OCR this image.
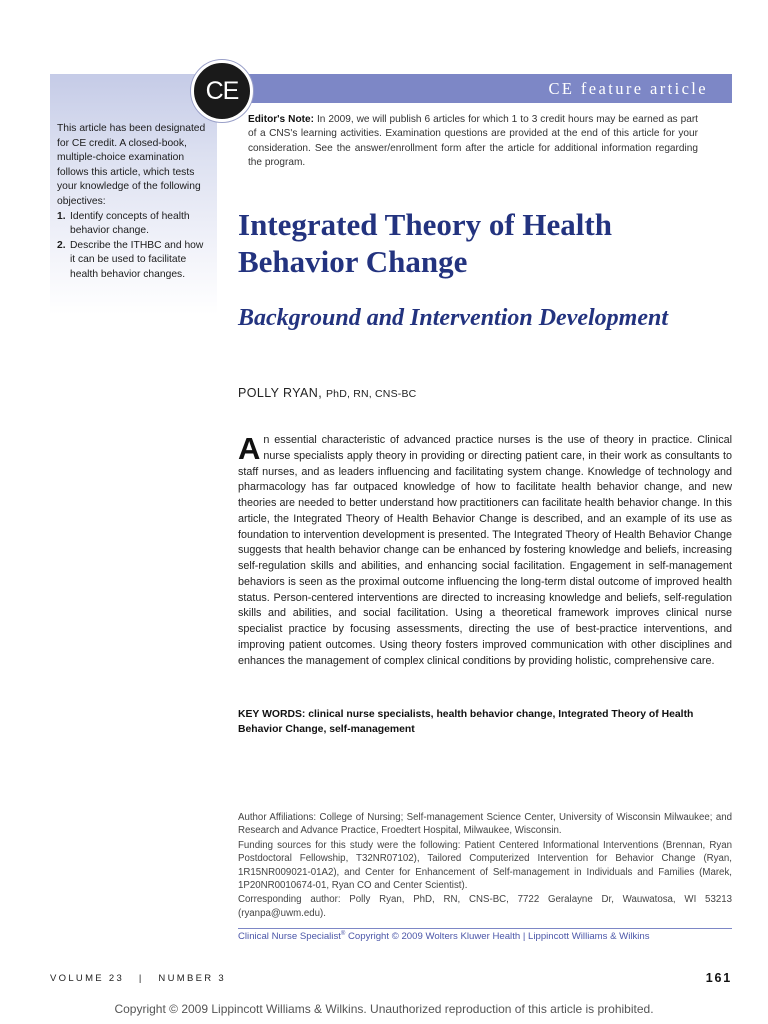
This article has been designated for CE credit. A closed-book, multiple-choice examination follows this article, which tests your knowledge of the following objectives:

1. Identify concepts of health behavior change.
2. Describe the ITHBC and how it can be used to facilitate health behavior changes.
CE feature article
CE
Editor's Note: In 2009, we will publish 6 articles for which 1 to 3 credit hours may be earned as part of a CNS's learning activities. Examination questions are provided at the end of this article for your consideration. See the answer/enrollment form after the article for additional information regarding the program.
Integrated Theory of Health Behavior Change
Background and Intervention Development
POLLY RYAN, PhD, RN, CNS-BC
An essential characteristic of advanced practice nurses is the use of theory in practice. Clinical nurse specialists apply theory in providing or directing patient care, in their work as consultants to staff nurses, and as leaders influencing and facilitating system change. Knowledge of technology and pharmacology has far outpaced knowledge of how to facilitate health behavior change, and new theories are needed to better understand how practitioners can facilitate health behavior change. In this article, the Integrated Theory of Health Behavior Change is described, and an example of its use as foundation to intervention development is presented. The Integrated Theory of Health Behavior Change suggests that health behavior change can be enhanced by fostering knowledge and beliefs, increasing self-regulation skills and abilities, and enhancing social facilitation. Engagement in self-management behaviors is seen as the proximal outcome influencing the long-term distal outcome of improved health status. Person-centered interventions are directed to increasing knowledge and beliefs, self-regulation skills and abilities, and social facilitation. Using a theoretical framework improves clinical nurse specialist practice by focusing assessments, directing the use of best-practice interventions, and improving patient outcomes. Using theory fosters improved communication with other disciplines and enhances the management of complex clinical conditions by providing holistic, comprehensive care.

KEY WORDS: clinical nurse specialists, health behavior change, Integrated Theory of Health Behavior Change, self-management

Author Affiliations: College of Nursing; Self-management Science Center, University of Wisconsin Milwaukee; and Research and Advance Practice, Froedtert Hospital, Milwaukee, Wisconsin.

Funding sources for this study were the following: Patient Centered Informational Interventions (Brennan, Ryan Postdoctoral Fellowship, T32NR07102), Tailored Computerized Intervention for Behavior Change (Ryan, 1R15NR009021-01A2), and Center for Enhancement of Self-management in Individuals and Families (Marek, 1P20NR0010674-01, Ryan CO and Center Scientist).

Corresponding author: Polly Ryan, PhD, RN, CNS-BC, 7722 Geralayne Dr, Wauwatosa, WI 53213 (ryanpa@uwm.edu).

Clinical Nurse Specialist® Copyright © 2009 Wolters Kluwer Health | Lippincott Williams & Wilkins
VOLUME 23   |   NUMBER 3	161
Copyright © 2009 Lippincott Williams & Wilkins. Unauthorized reproduction of this article is prohibited.
